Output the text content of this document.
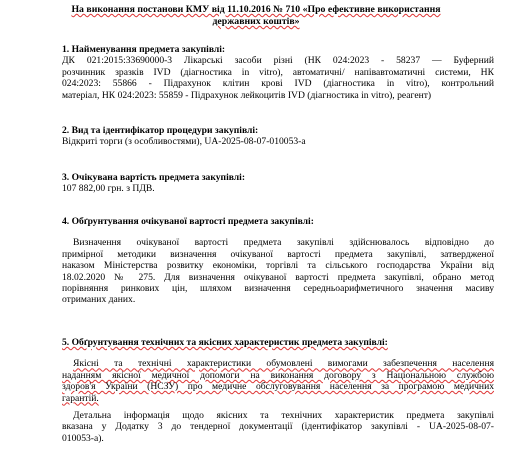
На виконання постанови КМУ від 11.10.2016 № 710 «Про ефективне використання
державних коштів»
1. Найменування предмета закупівлі:
ДК 021:2015:33690000-3 Лікарські засоби різні (НК 024:2023 - 58237 — Буферний
розчинник зразків IVD (діагностика in vitro), автоматичні/ напівавтоматичні системи, НК
024:2023: 55866 - Підрахунок клітин крові IVD (діагностика in vitro), контрольний
матеріал, НК 024:2023: 55859 - Підрахунок лейкоцитів IVD (діагностика in vitro), реагент)
2. Вид та ідентифікатор процедури закупівлі:
Відкриті торги (з особливостями), UA-2025-08-07-010053-а
3. Очікувана вартість предмета закупівлі:
107 882,00 грн. з ПДВ.
4. Обґрунтування очікуваної вартості предмета закупівлі:
Визначення очікуваної вартості предмета закупівлі здійснювалось відповідно до
примірної методики визначення очікуваної вартості предмета закупівлі, затвердженої
наказом Міністерства розвитку економіки, торгівлі та сільського господарства України від
18.02.2020 № 275. Для визначення очікуваної вартості предмета закупівлі, обрано метод
порівняння ринкових цін, шляхом визначення середньоарифметичного значення масиву
отриманих даних.
5. Обґрунтування технічних та якісних характеристик предмета закупівлі:
Якісні та технічні характеристики обумовлені вимогами забезпечення населення
наданням якісної медичної допомоги на виконання договору з Національною службою
здоров'я України (НСЗУ) про медичне обслуговування населення за програмою медичних
гарантій.
Детальна інформація щодо якісних та технічних характеристик предмета закупівлі
вказана у Додатку 3 до тендерної документації (ідентифікатор закупівлі - UA-2025-08-07-
010053-а).
